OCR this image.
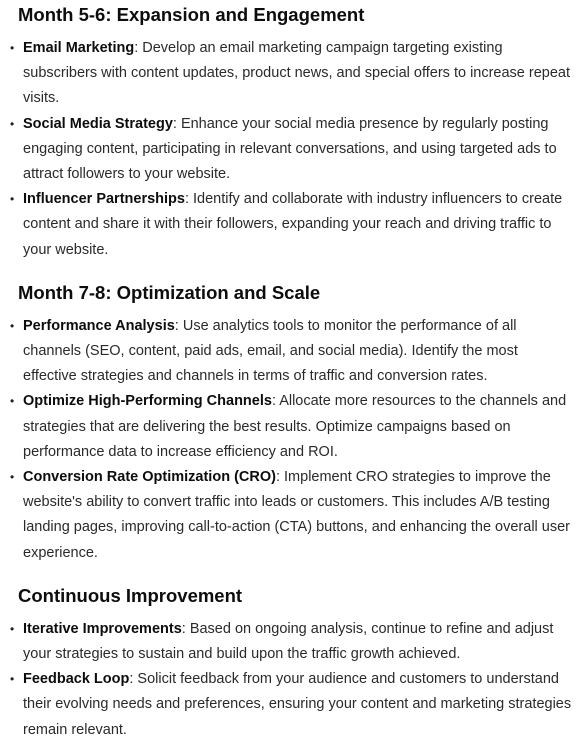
Month 5-6: Expansion and Engagement
• Email Marketing: Develop an email marketing campaign targeting existing subscribers with content updates, product news, and special offers to increase repeat visits.
• Social Media Strategy: Enhance your social media presence by regularly posting engaging content, participating in relevant conversations, and using targeted ads to attract followers to your website.
• Influencer Partnerships: Identify and collaborate with industry influencers to create content and share it with their followers, expanding your reach and driving traffic to your website.
Month 7-8: Optimization and Scale
• Performance Analysis: Use analytics tools to monitor the performance of all channels (SEO, content, paid ads, email, and social media). Identify the most effective strategies and channels in terms of traffic and conversion rates.
• Optimize High-Performing Channels: Allocate more resources to the channels and strategies that are delivering the best results. Optimize campaigns based on performance data to increase efficiency and ROI.
• Conversion Rate Optimization (CRO): Implement CRO strategies to improve the website's ability to convert traffic into leads or customers. This includes A/B testing landing pages, improving call-to-action (CTA) buttons, and enhancing the overall user experience.
Continuous Improvement
• Iterative Improvements: Based on ongoing analysis, continue to refine and adjust your strategies to sustain and build upon the traffic growth achieved.
• Feedback Loop: Solicit feedback from your audience and customers to understand their evolving needs and preferences, ensuring your content and marketing strategies remain relevant.
